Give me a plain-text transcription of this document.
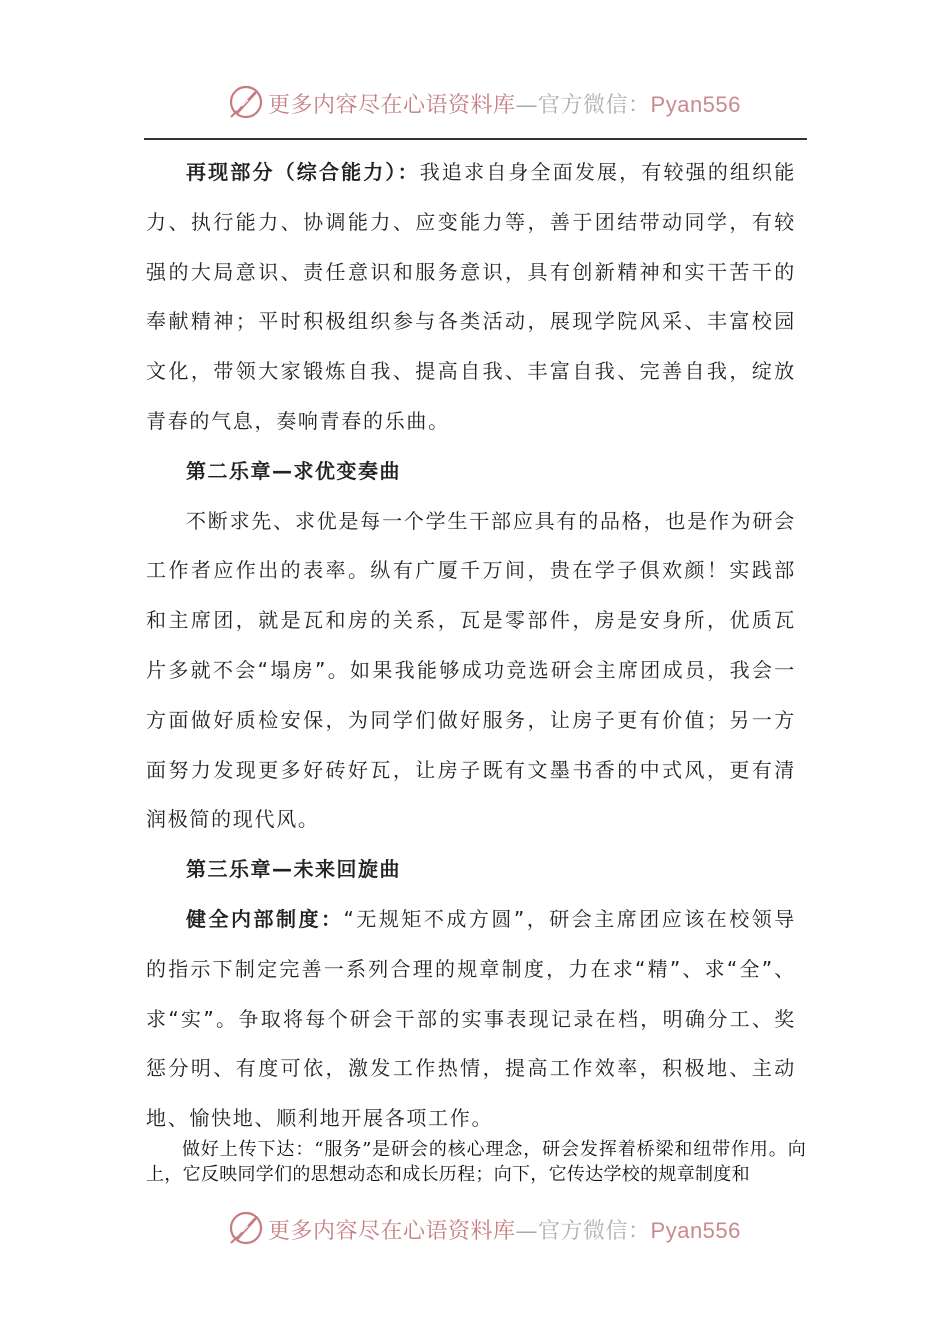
更多内容尽在心语资料库—官方微信：Pyan556

再现部分（综合能力）：我追求自身全面发展，有较强的组织能力、执行能力、协调能力、应变能力等，善于团结带动同学，有较强的大局意识、责任意识和服务意识，具有创新精神和实干苦干的奉献精神；平时积极组织参与各类活动，展现学院风采、丰富校园文化，带领大家锻炼自我、提高自我、丰富自我、完善自我，绽放青春的气息，奏响青春的乐曲。

第二乐章—求优变奏曲

不断求先、求优是每一个学生干部应具有的品格，也是作为研会工作者应作出的表率。纵有广厦千万间，贵在学子俱欢颜！实践部和主席团，就是瓦和房的关系，瓦是零部件，房是安身所，优质瓦片多就不会“塌房”。如果我能够成功竞选研会主席团成员，我会一方面做好质检安保，为同学们做好服务，让房子更有价值；另一方面努力发现更多好砖好瓦，让房子既有文墨书香的中式风，更有清润极简的现代风。

第三乐章—未来回旋曲

健全内部制度：“无规矩不成方圆”，研会主席团应该在校领导的指示下制定完善一系列合理的规章制度，力在求“精”、求“全”、求“实”。争取将每个研会干部的实事表现记录在档，明确分工、奖惩分明、有度可依，激发工作热情，提高工作效率，积极地、主动地、愉快地、顺利地开展各项工作。

做好上传下达：“服务”是研会的核心理念，研会发挥着桥梁和纽带作用。向上，它反映同学们的思想动态和成长历程；向下，它传达学校的规章制度和

更多内容尽在心语资料库—官方微信：Pyan556
